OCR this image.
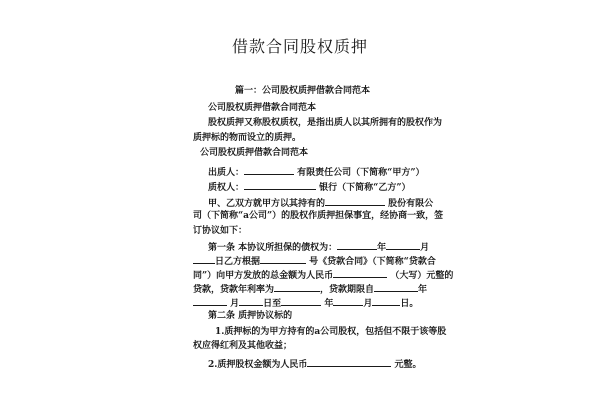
借款合同股权质押
篇一：公司股权质押借款合同范本
公司股权质押借款合同范本
股权质押又称股权质权，是指出质人以其所拥有的股权作为
质押标的物而设立的质押。
公司股权质押借款合同范本
出质人：	有限责任公司（下简称“甲方”）
质权人：	银行（下简称“乙方”）
甲、乙双方就甲方以其持有的	股份有限公
司（下简称“a公司”）的股权作质押担保事宜，经协商一致，签
订协议如下：
第一条 本协议所担保的债权为：	年	月
日乙方根据	号《贷款合同》（下简称“贷款合
同”）向甲方发放的总金额为人民币	（大写）元整的
贷款，贷款年利率为	，贷款期限自	年
月	日至	年	月	日。
第二条 质押协议标的
1.质押标的为甲方持有的a公司股权，包括但不限于该等股
权应得红利及其他收益；
2.质押股权金额为人民币	元整。
